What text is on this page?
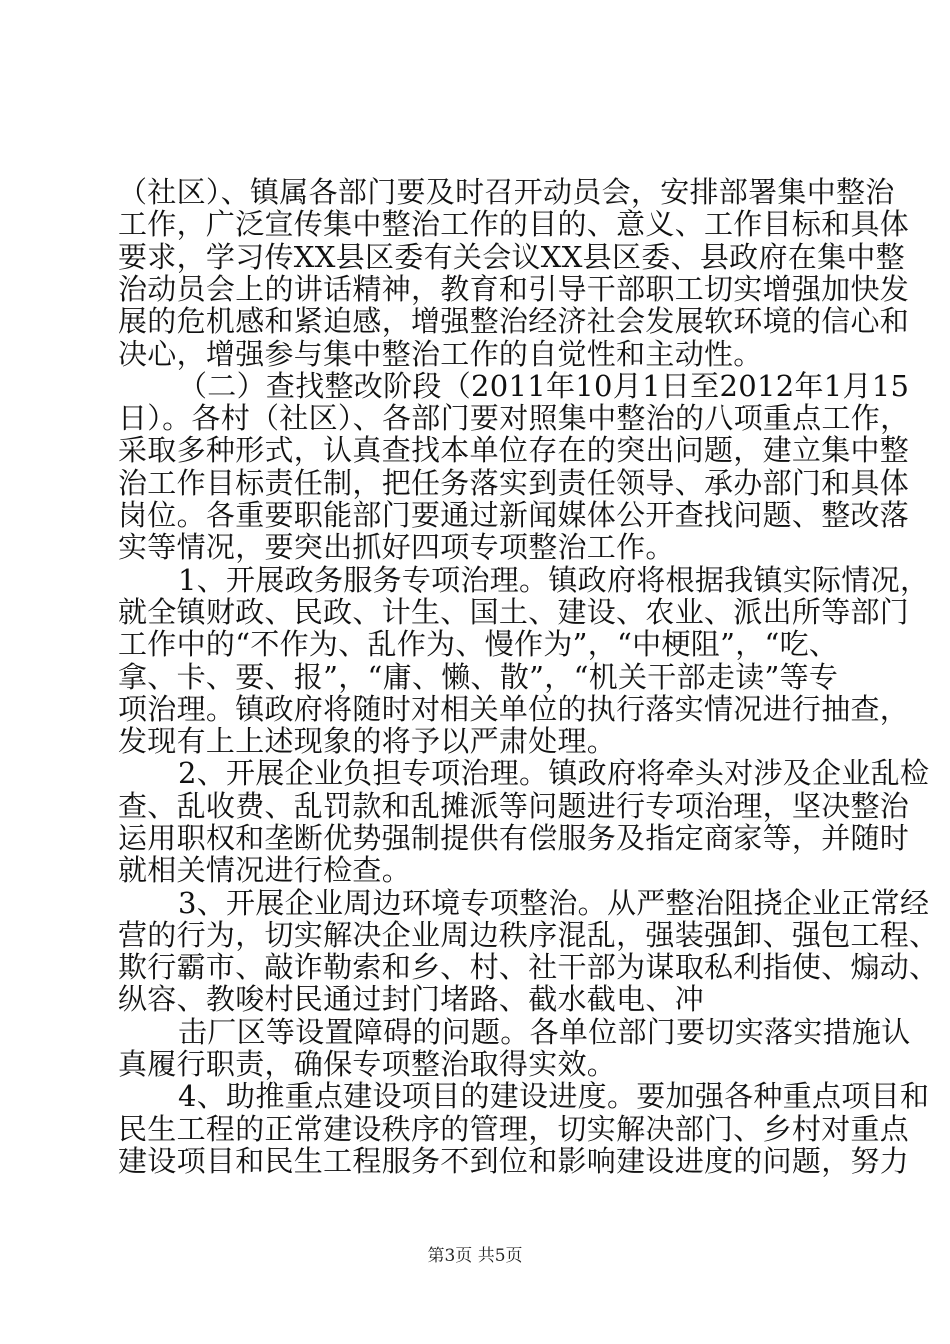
（社区）、镇属各部门要及时召开动员会，安排部署集中整治
工作，广泛宣传集中整治工作的目的、意义、工作目标和具体
要求，学习传XX县区委有关会议XX县区委、县政府在集中整
治动员会上的讲话精神，教育和引导干部职工切实增强加快发
展的危机感和紧迫感，增强整治经济社会发展软环境的信心和
决心，增强参与集中整治工作的自觉性和主动性。
（二）查找整改阶段（2011年10月1日至2012年1月15
日）。各村（社区）、各部门要对照集中整治的八项重点工作，
采取多种形式，认真查找本单位存在的突出问题，建立集中整
治工作目标责任制，把任务落实到责任领导、承办部门和具体
岗位。各重要职能部门要通过新闻媒体公开查找问题、整改落
实等情况，要突出抓好四项专项整治工作。
1、开展政务服务专项治理。镇政府将根据我镇实际情况，
就全镇财政、民政、计生、国土、建设、农业、派出所等部门
工作中的“不作为、乱作为、慢作为”，“中梗阻”，“吃、
拿、卡、要、报”，“庸、懒、散”，“机关干部走读”等专
项治理。镇政府将随时对相关单位的执行落实情况进行抽查，
发现有上上述现象的将予以严肃处理。
2、开展企业负担专项治理。镇政府将牵头对涉及企业乱检
查、乱收费、乱罚款和乱摊派等问题进行专项治理，坚决整治
运用职权和垄断优势强制提供有偿服务及指定商家等，并随时
就相关情况进行检查。
3、开展企业周边环境专项整治。从严整治阻挠企业正常经
营的行为，切实解决企业周边秩序混乱，强装强卸、强包工程、
欺行霸市、敲诈勒索和乡、村、社干部为谋取私利指使、煽动、
纵容、教唆村民通过封门堵路、截水截电、冲
击厂区等设置障碍的问题。各单位部门要切实落实措施认
真履行职责，确保专项整治取得实效。
4、助推重点建设项目的建设进度。要加强各种重点项目和
民生工程的正常建设秩序的管理，切实解决部门、乡村对重点
建设项目和民生工程服务不到位和影响建设进度的问题，努力
第3页 共5页
